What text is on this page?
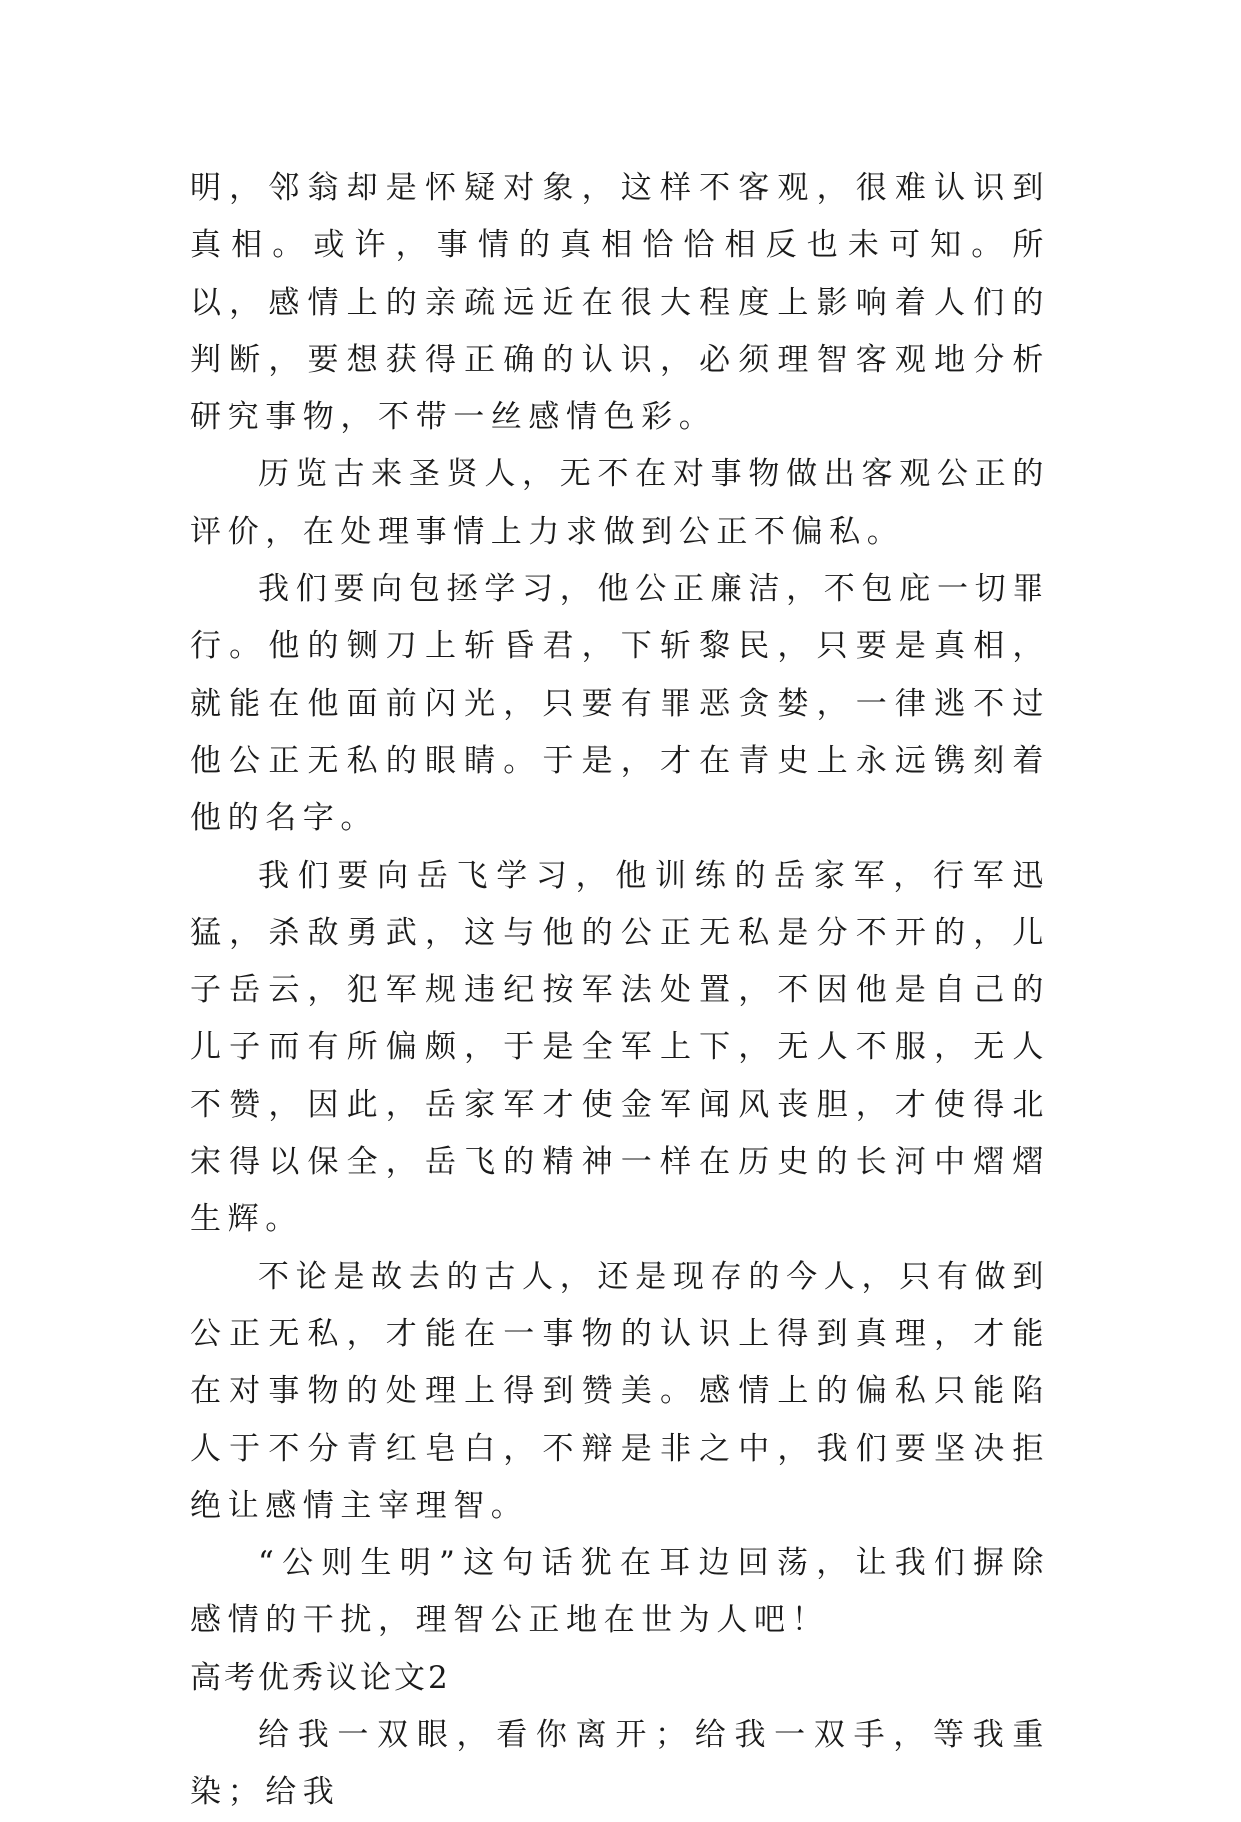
明，邻翁却是怀疑对象，这样不客观，很难认识到真相。或许，事情的真相恰恰相反也未可知。所以，感情上的亲疏远近在很大程度上影响着人们的判断，要想获得正确的认识，必须理智客观地分析研究事物，不带一丝感情色彩。

历览古来圣贤人，无不在对事物做出客观公正的评价，在处理事情上力求做到公正不偏私。

我们要向包拯学习，他公正廉洁，不包庇一切罪行。他的铡刀上斩昏君，下斩黎民，只要是真相，就能在他面前闪光，只要有罪恶贪婪，一律逃不过他公正无私的眼睛。于是，才在青史上永远镌刻着他的名字。

我们要向岳飞学习，他训练的岳家军，行军迅猛，杀敌勇武，这与他的公正无私是分不开的，儿子岳云，犯军规违纪按军法处置，不因他是自己的儿子而有所偏颇，于是全军上下，无人不服，无人不赞，因此，岳家军才使金军闻风丧胆，才使得北宋得以保全，岳飞的精神一样在历史的长河中熠熠生辉。

不论是故去的古人，还是现存的今人，只有做到公正无私，才能在一事物的认识上得到真理，才能在对事物的处理上得到赞美。感情上的偏私只能陷人于不分青红皂白，不辩是非之中，我们要坚决拒绝让感情主宰理智。

“公则生明”这句话犹在耳边回荡，让我们摒除感情的干扰，理智公正地在世为人吧！

高考优秀议论文2

给我一双眼，看你离开；给我一双手，等我重染；给我
